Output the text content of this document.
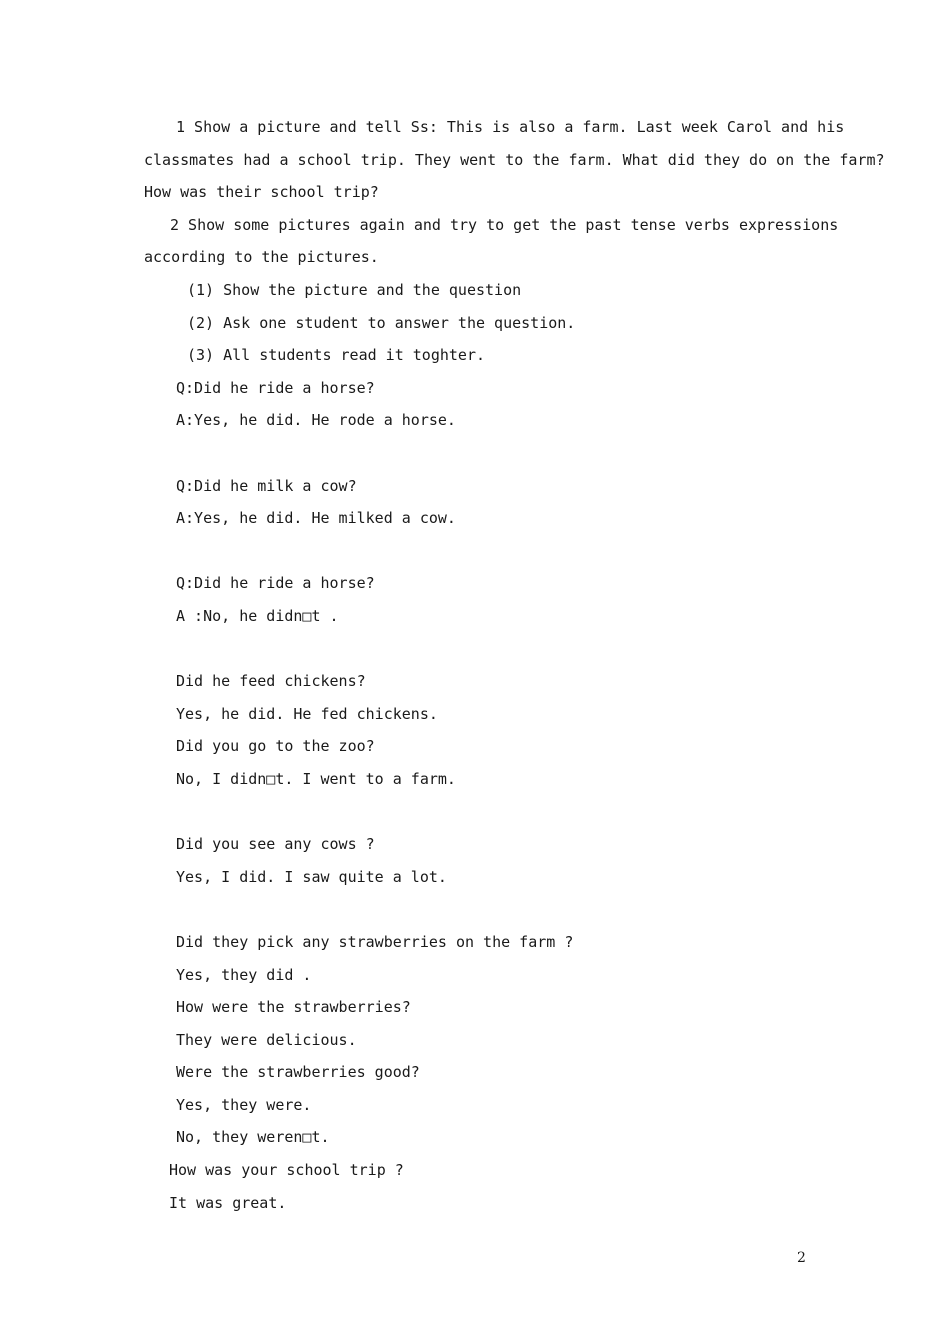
1 Show a picture and tell Ss: This is also a farm. Last week Carol and his
classmates had a school trip. They went to the farm. What did they do on the farm?
How was their school trip?
2 Show some pictures again and try to get the past tense verbs expressions
according to the pictures.
(1) Show the picture and the question
(2) Ask one student to answer the question.
(3) All students read it toghter.
Q:Did he ride a horse?
A:Yes, he did. He rode a horse.
Q:Did he milk a cow?
A:Yes, he did. He milked a cow.
Q:Did he ride a horse?
A :No, he didn□t .
Did he feed chickens?
Yes, he did. He fed chickens.
Did you go to the zoo?
No, I didn□t. I went to a farm.
Did you see any cows ?
Yes, I did. I saw quite a lot.
Did they pick any strawberries on the farm ?
Yes, they did .
How were the strawberries?
They were delicious.
Were the strawberries good?
Yes, they were.
No, they weren□t.
How was your school trip ?
It was great.
2
